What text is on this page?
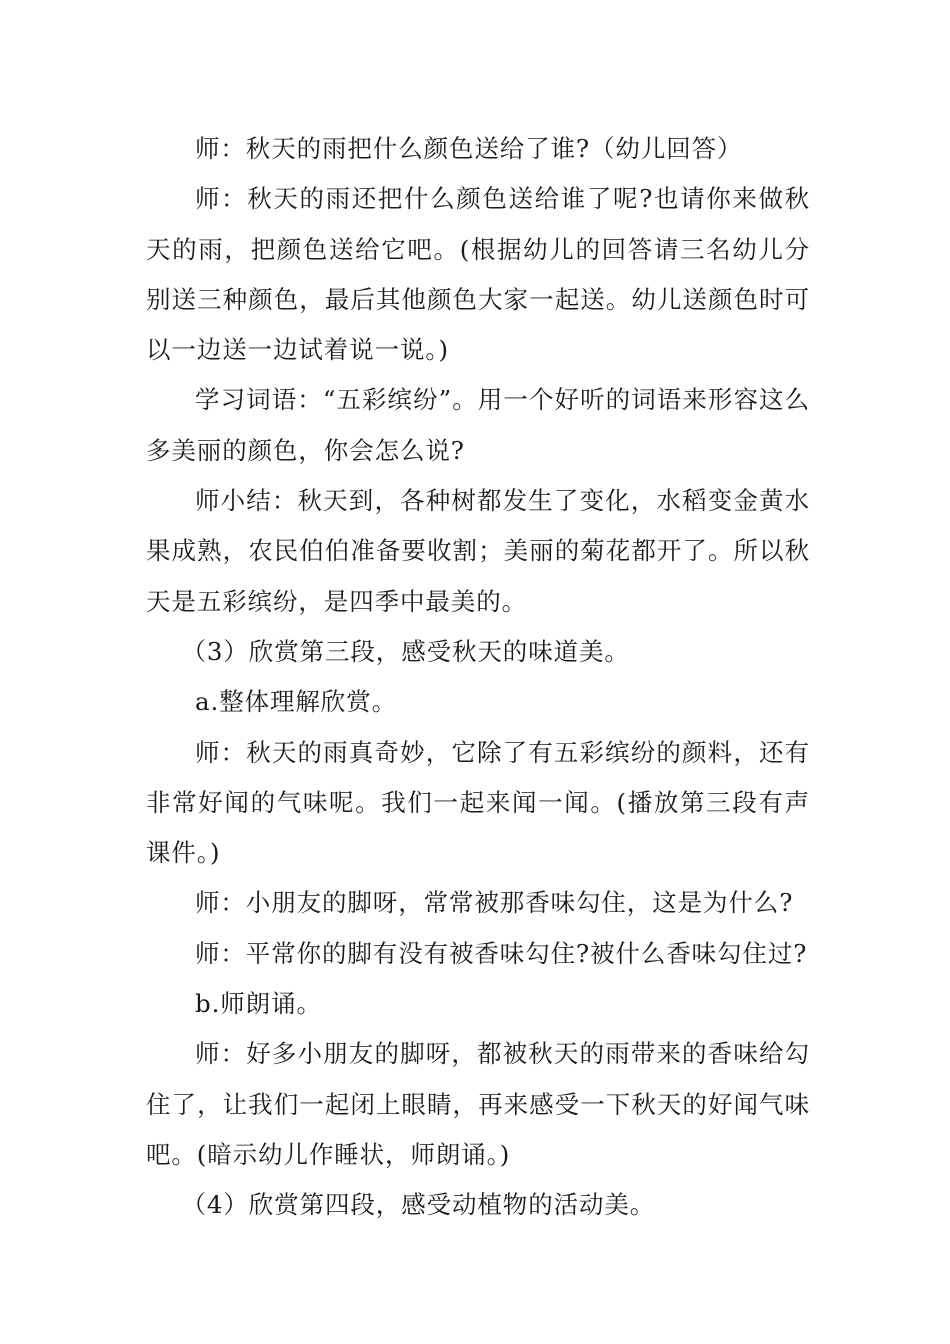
师：秋天的雨把什么颜色送给了谁?（幼儿回答）

师：秋天的雨还把什么颜色送给谁了呢?也请你来做秋天的雨，把颜色送给它吧。(根据幼儿的回答请三名幼儿分别送三种颜色，最后其他颜色大家一起送。幼儿送颜色时可以一边送一边试着说一说。)

学习词语：“五彩缤纷”。用一个好听的词语来形容这么多美丽的颜色，你会怎么说?

师小结：秋天到，各种树都发生了变化，水稻变金黄水果成熟，农民伯伯准备要收割；美丽的菊花都开了。所以秋天是五彩缤纷，是四季中最美的。

（3）欣赏第三段，感受秋天的味道美。

a.整体理解欣赏。

师：秋天的雨真奇妙，它除了有五彩缤纷的颜料，还有非常好闻的气味呢。我们一起来闻一闻。(播放第三段有声课件。)

师：小朋友的脚呀，常常被那香味勾住，这是为什么?

师：平常你的脚有没有被香味勾住?被什么香味勾住过?

b.师朗诵。

师：好多小朋友的脚呀，都被秋天的雨带来的香味给勾住了，让我们一起闭上眼睛，再来感受一下秋天的好闻气味吧。(暗示幼儿作睡状，师朗诵。)

（4）欣赏第四段，感受动植物的活动美。
